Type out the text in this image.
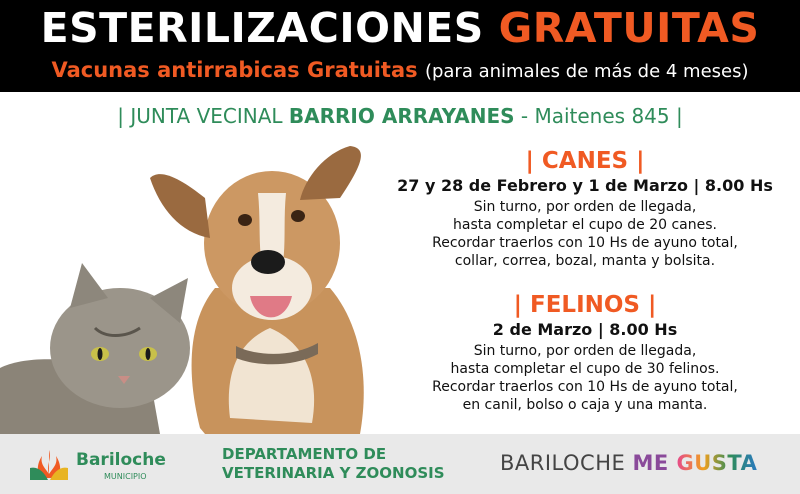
ESTERILIZACIONES GRATUITAS
Vacunas antirrabicas Gratuitas (para animales de más de 4 meses)
| JUNTA VECINAL BARRIO ARRAYANES - Maitenes 845 |
| CANES |
27 y 28 de Febrero y 1 de Marzo | 8.00 Hs
Sin turno, por orden de llegada,
hasta completar el cupo de 20 canes.
Recordar traerlos con 10 Hs de ayuno total,
collar, correa, bozal, manta y bolsita.
| FELINOS |
2 de Marzo | 8.00 Hs
Sin turno, por orden de llegada,
hasta completar el cupo de 30 felinos.
Recordar traerlos con 10 Hs de ayuno total,
en canil, bolso o caja y una manta.
Bariloche
MUNICIPIO
DEPARTAMENTO DE
VETERINARIA Y ZOONOSIS	BARILOCHE ME GUSTA
